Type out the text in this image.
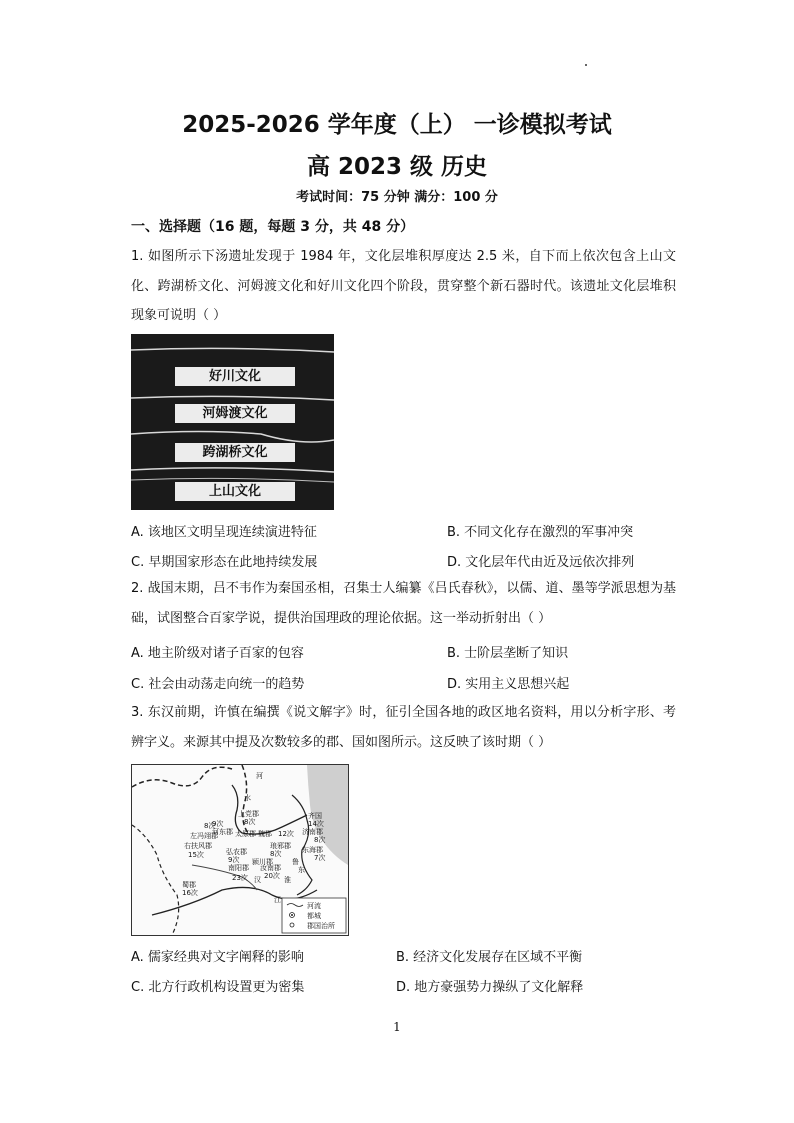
2025-2026 学年度（上） 一诊模拟考试
高 2023 级 历史
考试时间：75 分钟 满分：100 分
一、选择题（16 题，每题 3 分，共 48 分）
1. 如图所示下汤遗址发现于 1984 年，文化层堆积厚度达 2.5 米，自下而上依次包含上山文化、跨湖桥文化、河姆渡文化和好川文化四个阶段，贯穿整个新石器时代。该遗址文化层堆积现象可说明（ ）
好川文化
河姆渡文化
跨湖桥文化
上山文化
A. 该地区文明呈现连续演进特征	B. 不同文化存在激烈的军事冲突
C. 早期国家形态在此地持续发展	D. 文化层年代由近及远依次排列
2. 战国末期，吕不韦作为秦国丞相，召集士人编纂《吕氏春秋》，以儒、道、墨等学派思想为基础，试图整合百家学说，提供治国理政的理论依据。这一举动折射出（ ）
A. 地主阶级对诸子百家的包容	B. 士阶层垄断了知识
C. 社会由动荡走向统一的趋势	D. 实用主义思想兴起
3. 东汉前期，许慎在编撰《说文解字》时，征引全国各地的政区地名资料，用以分析字形、考辨字义。来源其中提及次数较多的郡、国如图所示。这反映了该时期（ ）
河流
都城
郡国治所
齐国
14次
上党郡
8次
河东郡
9次
8次
太原郡 魏郡 12次 济南郡
8次
东海郡
7次
琅邪郡
8次
左冯翊郡
右扶风郡
15次	弘农郡
9次 颍川郡
23次
汝南郡
20次
南阳郡
蜀郡
16次
河
水
汉	淮
江
鲁
东
A. 儒家经典对文字阐释的影响	B. 经济文化发展存在区域不平衡
C. 北方行政机构设置更为密集	D. 地方豪强势力操纵了文化解释
1
